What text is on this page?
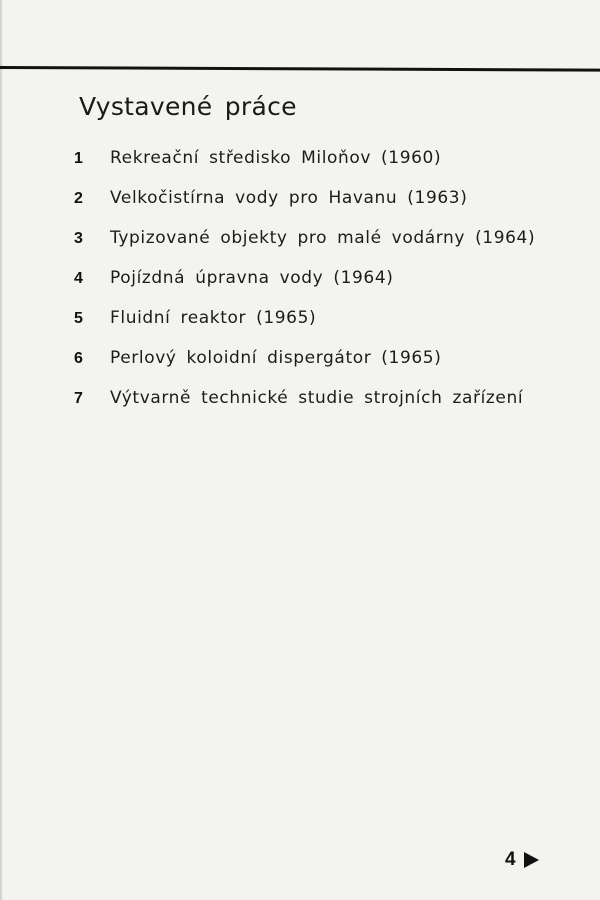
Vystavené práce
1	Rekreační středisko Miloňov (1960)
2	Velkočistírna vody pro Havanu (1963)
3	Typizované objekty pro malé vodárny (1964)
4	Pojízdná úpravna vody (1964)
5	Fluidní reaktor (1965)
6	Perlový koloidní dispergátor (1965)
7	Výtvarně technické studie strojních zařízení
4
